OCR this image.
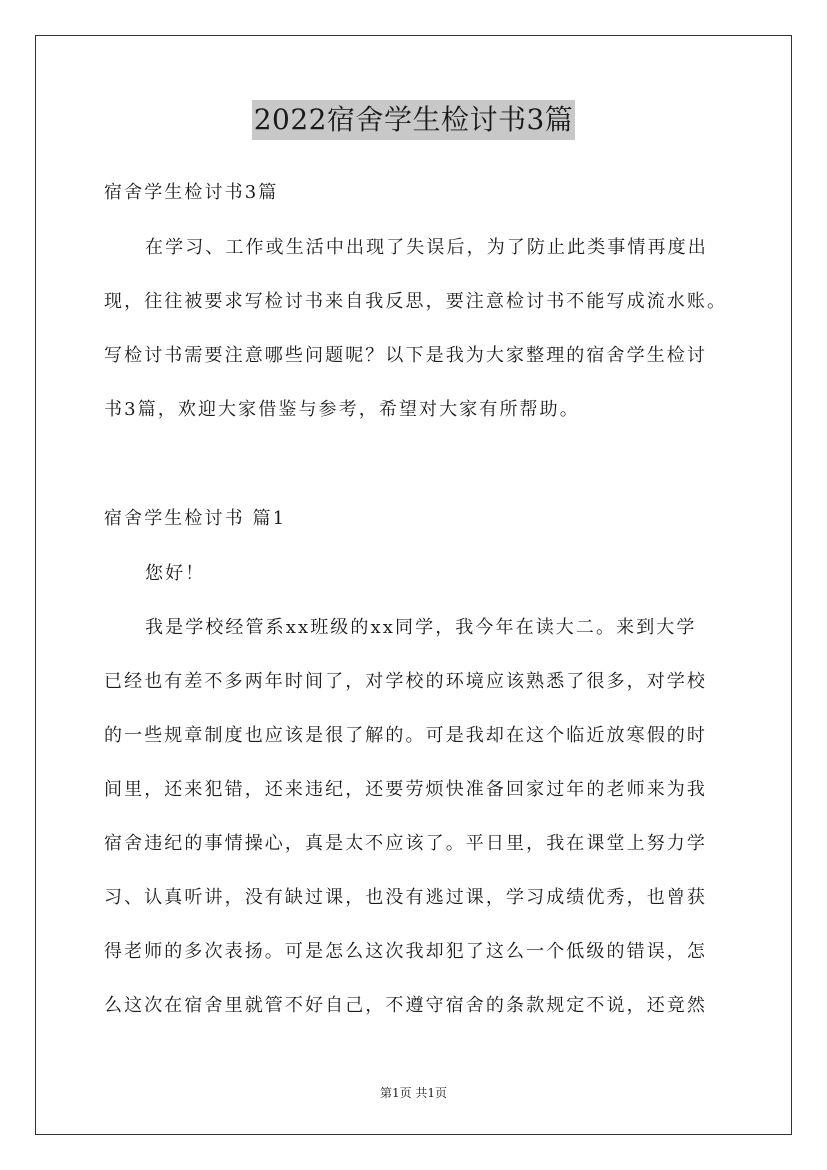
2022宿舍学生检讨书3篇
宿舍学生检讨书3篇
在学习、工作或生活中出现了失误后，为了防止此类事情再度出
现，往往被要求写检讨书来自我反思，要注意检讨书不能写成流水账。
写检讨书需要注意哪些问题呢？以下是我为大家整理的宿舍学生检讨
书3篇，欢迎大家借鉴与参考，希望对大家有所帮助。
宿舍学生检讨书 篇1
您好！
我是学校经管系xx班级的xx同学，我今年在读大二。来到大学
已经也有差不多两年时间了，对学校的环境应该熟悉了很多，对学校
的一些规章制度也应该是很了解的。可是我却在这个临近放寒假的时
间里，还来犯错，还来违纪，还要劳烦快准备回家过年的老师来为我
宿舍违纪的事情操心，真是太不应该了。平日里，我在课堂上努力学
习、认真听讲，没有缺过课，也没有逃过课，学习成绩优秀，也曾获
得老师的多次表扬。可是怎么这次我却犯了这么一个低级的错误，怎
么这次在宿舍里就管不好自己，不遵守宿舍的条款规定不说，还竟然
第1页 共1页
